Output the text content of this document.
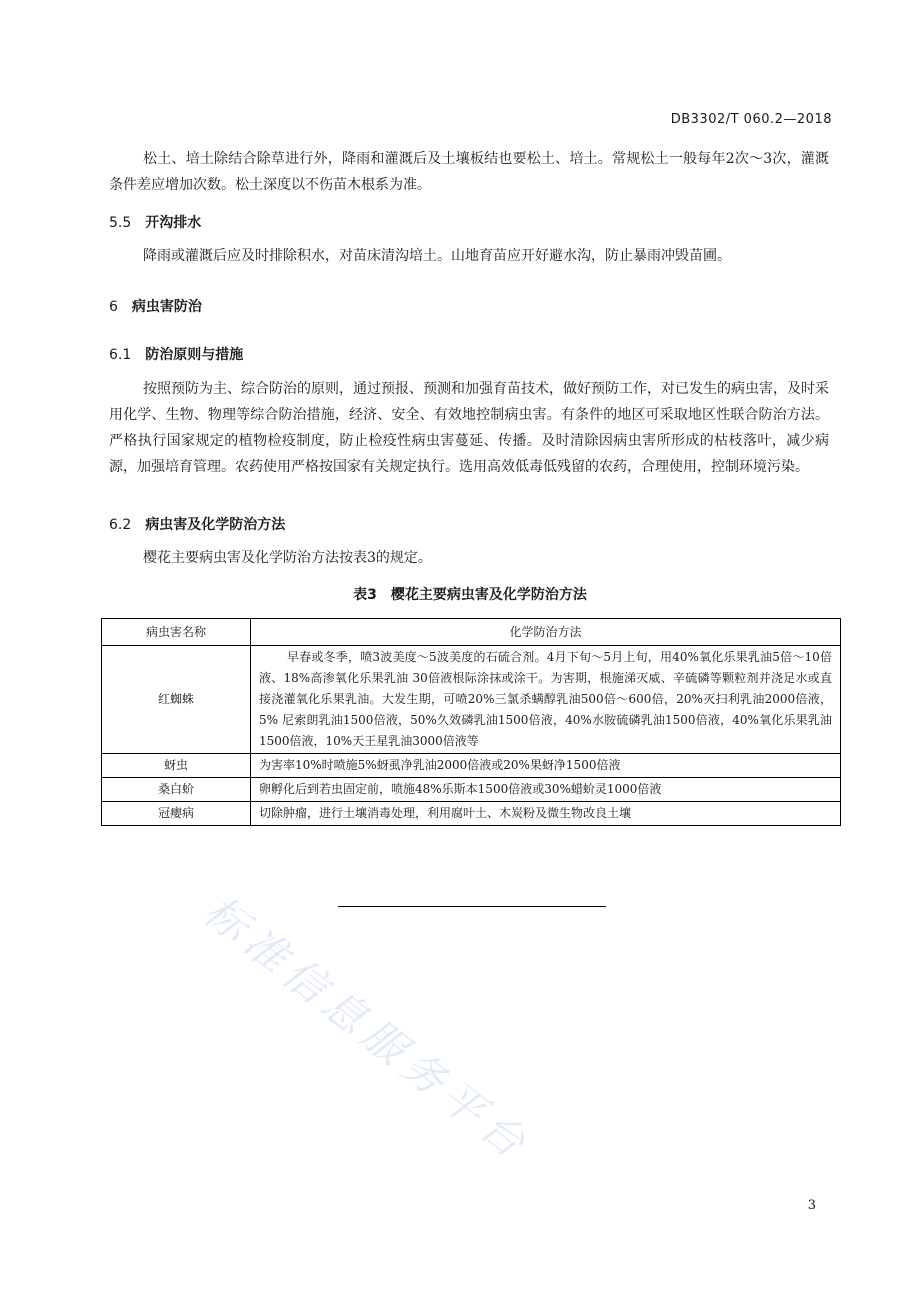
DB3302/T 060.2—2018

松土、培土除结合除草进行外，降雨和灌溉后及土壤板结也要松土、培土。常规松土一般每年2次～3次，灌溉条件差应增加次数。松土深度以不伤苗木根系为准。

5.5 开沟排水

降雨或灌溉后应及时排除积水，对苗床清沟培土。山地育苗应开好避水沟，防止暴雨冲毁苗圃。

6 病虫害防治
6.1 防治原则与措施

按照预防为主、综合防治的原则，通过预报、预测和加强育苗技术，做好预防工作，对已发生的病虫害，及时采用化学、生物、物理等综合防治措施，经济、安全、有效地控制病虫害。有条件的地区可采取地区性联合防治方法。严格执行国家规定的植物检疫制度，防止检疫性病虫害蔓延、传播。及时清除因病虫害所形成的枯枝落叶，减少病源，加强培育管理。农药使用严格按国家有关规定执行。选用高效低毒低残留的农药，合理使用，控制环境污染。

6.2 病虫害及化学防治方法

樱花主要病虫害及化学防治方法按表3的规定。

表3　樱花主要病虫害及化学防治方法
病虫害名称	化学防治方法
红蜘蛛	早春或冬季，喷3波美度～5波美度的石硫合剂。4月下旬～5月上旬，用40%氧化乐果乳油5倍～10倍液、18%高渗氧化乐果乳油 30倍液根际涂抹或涂干。为害期，根施涕灭威、辛硫磷等颗粒剂并浇足水或直接浇灌氧化乐果乳油。大发生期，可喷20%三氯杀螨醇乳油500倍～600倍，20%灭扫利乳油2000倍液，5% 尼索朗乳油1500倍液，50%久效磷乳油1500倍液，40%水胺硫磷乳油1500倍液，40%氧化乐果乳油1500倍液，10%天王星乳油3000倍液等
蚜虫	为害率10%时喷施5%蚜虱净乳油2000倍液或20%果蚜净1500倍液
桑白蚧	卵孵化后到若虫固定前，喷施48%乐斯本1500倍液或30%蜡蚧灵1000倍液
冠瘿病	切除肿瘤，进行土壤消毒处理，利用腐叶土、木炭粉及微生物改良土壤
标准信息服务平台
3
